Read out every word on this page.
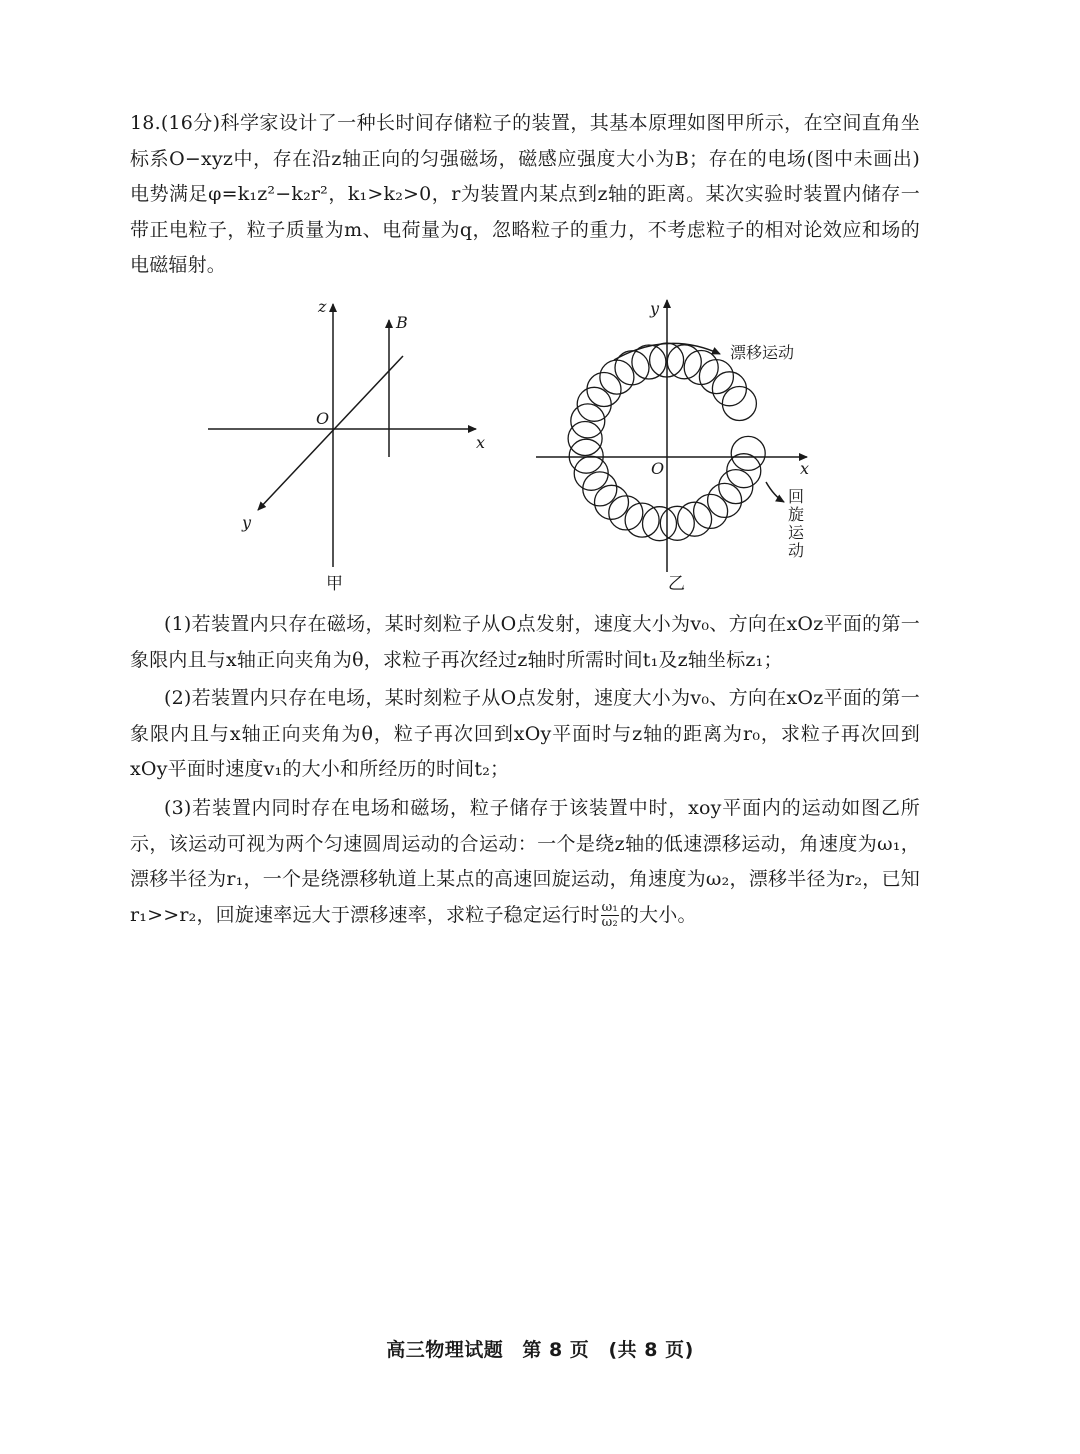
18.(16分)科学家设计了一种长时间存储粒子的装置，其基本原理如图甲所示，在空间直角坐标系O−xyz中，存在沿z轴正向的匀强磁场，磁感应强度大小为B；存在的电场(图中未画出)电势满足φ=k₁z²−k₂r²，k₁>k₂>0，r为装置内某点到z轴的距离。某次实验时装置内储存一带正电粒子，粒子质量为m、电荷量为q，忽略粒子的重力，不考虑粒子的相对论效应和场的电磁辐射。
z
B
O
x
y
甲
y
x
O
漂移运动
回
旋
运
动
乙
(1)若装置内只存在磁场，某时刻粒子从O点发射，速度大小为v₀、方向在xOz平面的第一象限内且与x轴正向夹角为θ，求粒子再次经过z轴时所需时间t₁及z轴坐标z₁；
(2)若装置内只存在电场，某时刻粒子从O点发射，速度大小为v₀、方向在xOz平面的第一象限内且与x轴正向夹角为θ，粒子再次回到xOy平面时与z轴的距离为r₀，求粒子再次回到xOy平面时速度v₁的大小和所经历的时间t₂；
(3)若装置内同时存在电场和磁场，粒子储存于该装置中时，xoy平面内的运动如图乙所示，该运动可视为两个匀速圆周运动的合运动：一个是绕z轴的低速漂移运动，角速度为ω₁，漂移半径为r₁，一个是绕漂移轨道上某点的高速回旋运动，角速度为ω₂，漂移半径为r₂，已知r₁>>r₂，回旋速率远大于漂移速率，求粒子稳定运行时 $\frac{\text{ω₁}}{\text{ω₂}}$ 的大小。
高三物理试题 第 8 页 (共 8 页)
